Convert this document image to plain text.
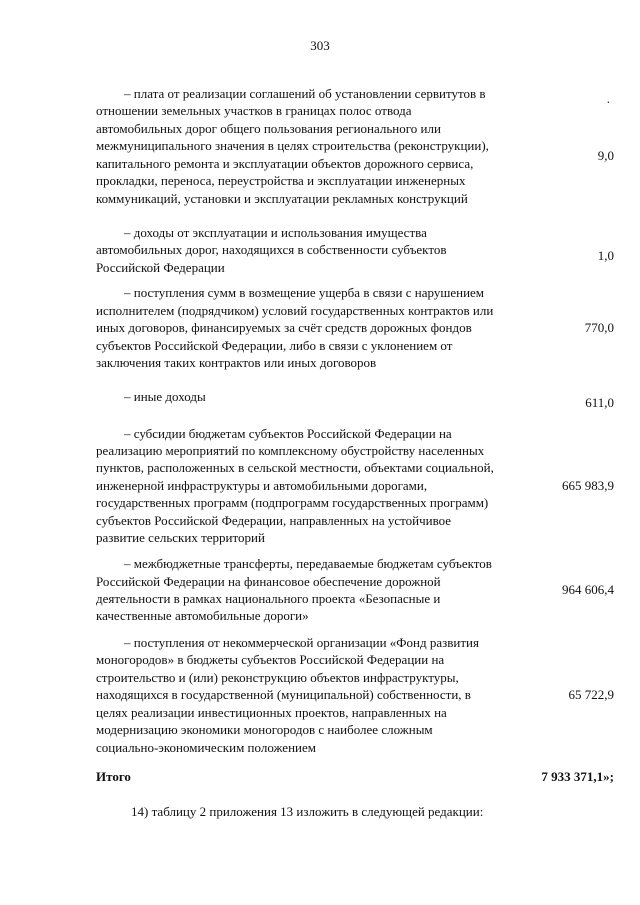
303
– плата от реализации соглашений об установлении сервитутов в отношении земельных участков в границах полос отвода автомобильных дорог общего пользования регионального или межмуниципального значения в целях строительства (реконструкции), капитального ремонта и эксплуатации объектов дорожного сервиса, прокладки, переноса, переустройства и эксплуатации инженерных коммуникаций, установки и эксплуатации рекламных конструкций
9,0
.
– доходы от эксплуатации и использования имущества автомобильных дорог, находящихся в собственности субъектов Российской Федерации
1,0
– поступления сумм в возмещение ущерба в связи с нарушением исполнителем (подрядчиком) условий государственных контрактов или иных договоров, финансируемых за счёт средств дорожных фондов субъектов Российской Федерации, либо в связи с уклонением от заключения таких контрактов или иных договоров
770,0
– иные доходы	611,0
– субсидии бюджетам субъектов Российской Федерации на реализацию мероприятий по комплексному обустройству населенных пунктов, расположенных в сельской местности, объектами социальной, инженерной инфраструктуры и автомобильными дорогами, государственных программ (подпрограмм государственных программ) субъектов Российской Федерации, направленных на устойчивое развитие сельских территорий
665 983,9
– межбюджетные трансферты, передаваемые бюджетам субъектов Российской Федерации на финансовое обеспечение дорожной деятельности в рамках национального проекта «Безопасные и качественные автомобильные дороги»
964 606,4
– поступления от некоммерческой организации «Фонд развития моногородов» в бюджеты субъектов Российской Федерации на строительство и (или) реконструкцию объектов инфраструктуры, находящихся в государственной (муниципальной) собственности, в целях реализации инвестиционных проектов, направленных на модернизацию экономики моногородов с наиболее сложным социально-экономическим положением
65 722,9
Итого	7 933 371,1»;
14) таблицу 2 приложения 13 изложить в следующей редакции:
